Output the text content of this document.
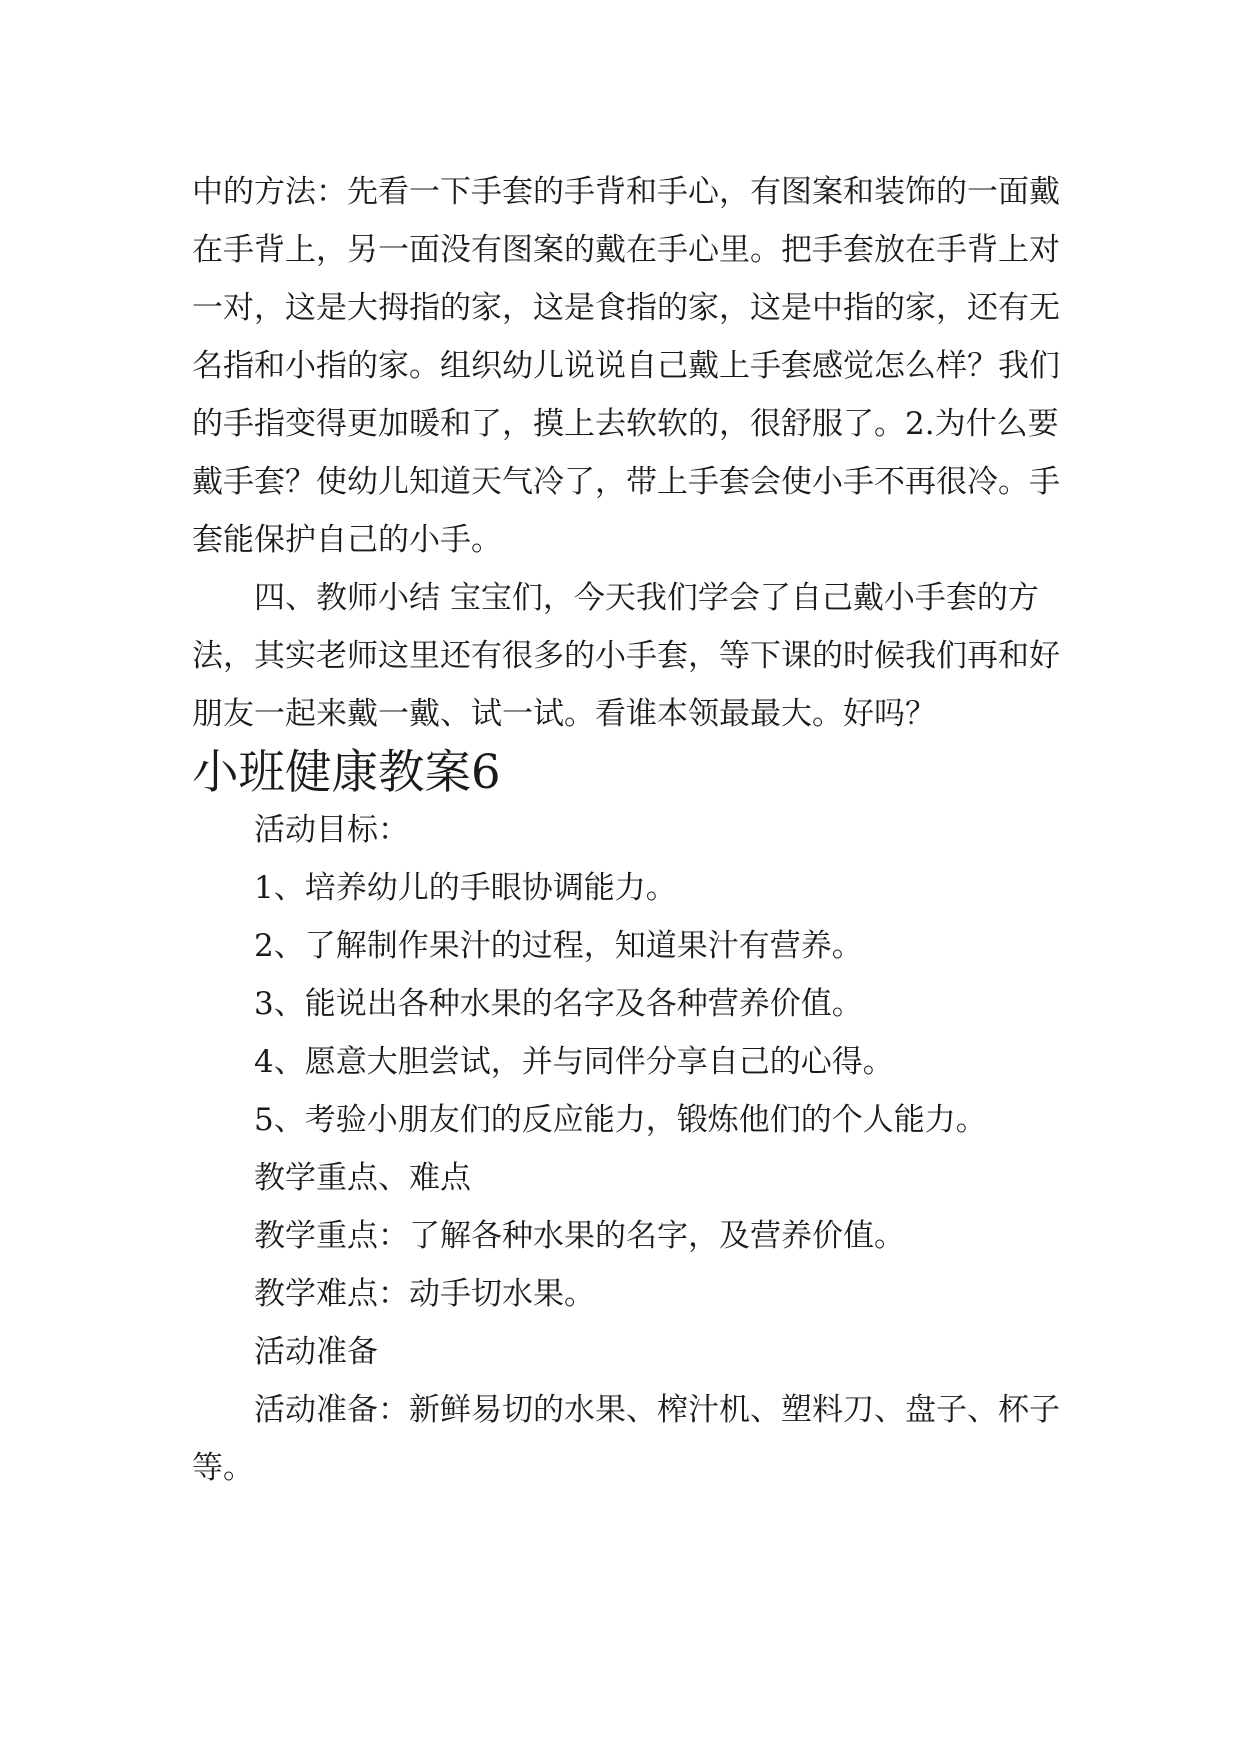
中的方法：先看一下手套的手背和手心，有图案和装饰的一面戴在手背上，另一面没有图案的戴在手心里。把手套放在手背上对一对，这是大拇指的家，这是食指的家，这是中指的家，还有无名指和小指的家。组织幼儿说说自己戴上手套感觉怎么样？我们的手指变得更加暖和了，摸上去软软的，很舒服了。2.为什么要戴手套？使幼儿知道天气冷了，带上手套会使小手不再很冷。手套能保护自己的小手。

四、教师小结 宝宝们，今天我们学会了自己戴小手套的方法，其实老师这里还有很多的小手套，等下课的时候我们再和好朋友一起来戴一戴、试一试。看谁本领最最大。好吗？

小班健康教案6

活动目标：

1、培养幼儿的手眼协调能力。

2、了解制作果汁的过程，知道果汁有营养。

3、能说出各种水果的名字及各种营养价值。

4、愿意大胆尝试，并与同伴分享自己的心得。

5、考验小朋友们的反应能力，锻炼他们的个人能力。

教学重点、难点

教学重点：了解各种水果的名字，及营养价值。

教学难点：动手切水果。

活动准备

活动准备：新鲜易切的水果、榨汁机、塑料刀、盘子、杯子等。
